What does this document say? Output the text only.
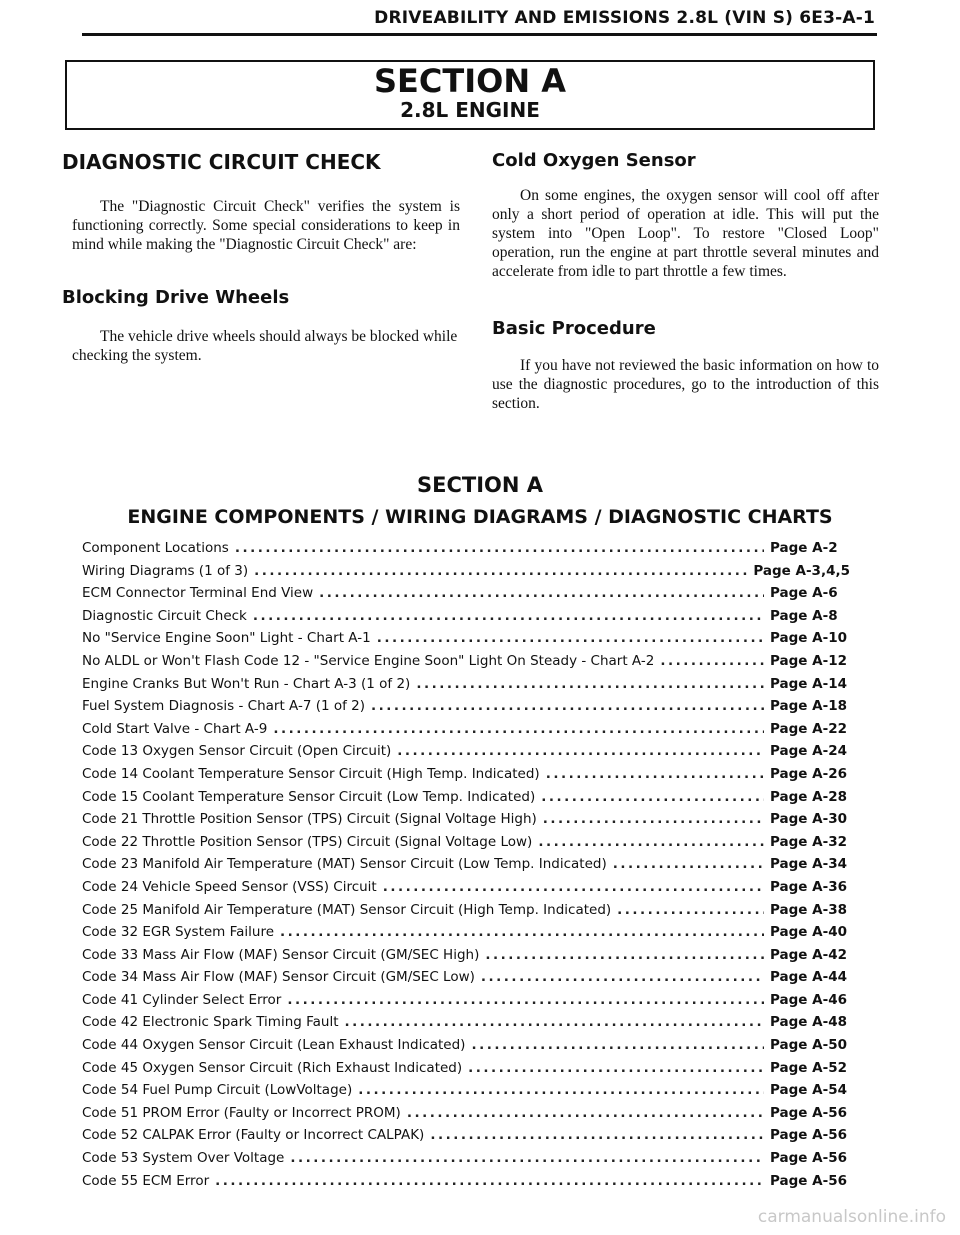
DRIVEABILITY AND EMISSIONS 2.8L (VIN S) 6E3-A-1
SECTION A
2.8L ENGINE
DIAGNOSTIC CIRCUIT CHECK

The "Diagnostic Circuit Check" verifies the system is functioning correctly. Some special considerations to keep in mind while making the "Diagnostic Circuit Check" are:

Blocking Drive Wheels

The vehicle drive wheels should always be blocked while checking the system.

Cold Oxygen Sensor

On some engines, the oxygen sensor will cool off after only a short period of operation at idle. This will put the system into "Open Loop". To restore "Closed Loop" operation, run the engine at part throttle several minutes and accelerate from idle to part throttle a few times.

Basic Procedure

If you have not reviewed the basic information on how to use the diagnostic procedures, go to the introduction of this section.

SECTION A
ENGINE COMPONENTS / WIRING DIAGRAMS / DIAGNOSTIC CHARTS
Component Locations .....	Page A-2
Wiring Diagrams (1 of 3) .....	Page A-3,4,5
ECM Connector Terminal End View .....	Page A-6
Diagnostic Circuit Check .....	Page A-8
No "Service Engine Soon" Light - Chart A-1 .....	Page A-10
No ALDL or Won't Flash Code 12 - "Service Engine Soon" Light On Steady - Chart A-2 .....	Page A-12
Engine Cranks But Won't Run - Chart A-3 (1 of 2) .....	Page A-14
Fuel System Diagnosis - Chart A-7 (1 of 2) .....	Page A-18
Cold Start Valve - Chart A-9 .....	Page A-22
Code 13 Oxygen Sensor Circuit (Open Circuit) .....	Page A-24
Code 14 Coolant Temperature Sensor Circuit (High Temp. Indicated) .....	Page A-26
Code 15 Coolant Temperature Sensor Circuit (Low Temp. Indicated) .....	Page A-28
Code 21 Throttle Position Sensor (TPS) Circuit (Signal Voltage High) .....	Page A-30
Code 22 Throttle Position Sensor (TPS) Circuit (Signal Voltage Low) .....	Page A-32
Code 23 Manifold Air Temperature (MAT) Sensor Circuit (Low Temp. Indicated) .....	Page A-34
Code 24 Vehicle Speed Sensor (VSS) Circuit .....	Page A-36
Code 25 Manifold Air Temperature (MAT) Sensor Circuit (High Temp. Indicated) .....	Page A-38
Code 32 EGR System Failure .....	Page A-40
Code 33 Mass Air Flow (MAF) Sensor Circuit (GM/SEC High) .....	Page A-42
Code 34 Mass Air Flow (MAF) Sensor Circuit (GM/SEC Low) .....	Page A-44
Code 41 Cylinder Select Error .....	Page A-46
Code 42 Electronic Spark Timing Fault .....	Page A-48
Code 44 Oxygen Sensor Circuit (Lean Exhaust Indicated) .....	Page A-50
Code 45 Oxygen Sensor Circuit (Rich Exhaust Indicated) .....	Page A-52
Code 54 Fuel Pump Circuit (LowVoltage) .....	Page A-54
Code 51 PROM Error (Faulty or Incorrect PROM) .....	Page A-56
Code 52 CALPAK Error (Faulty or Incorrect CALPAK) .....	Page A-56
Code 53 System Over Voltage .....	Page A-56
Code 55 ECM Error .....	Page A-56
carmanualsonline.info
